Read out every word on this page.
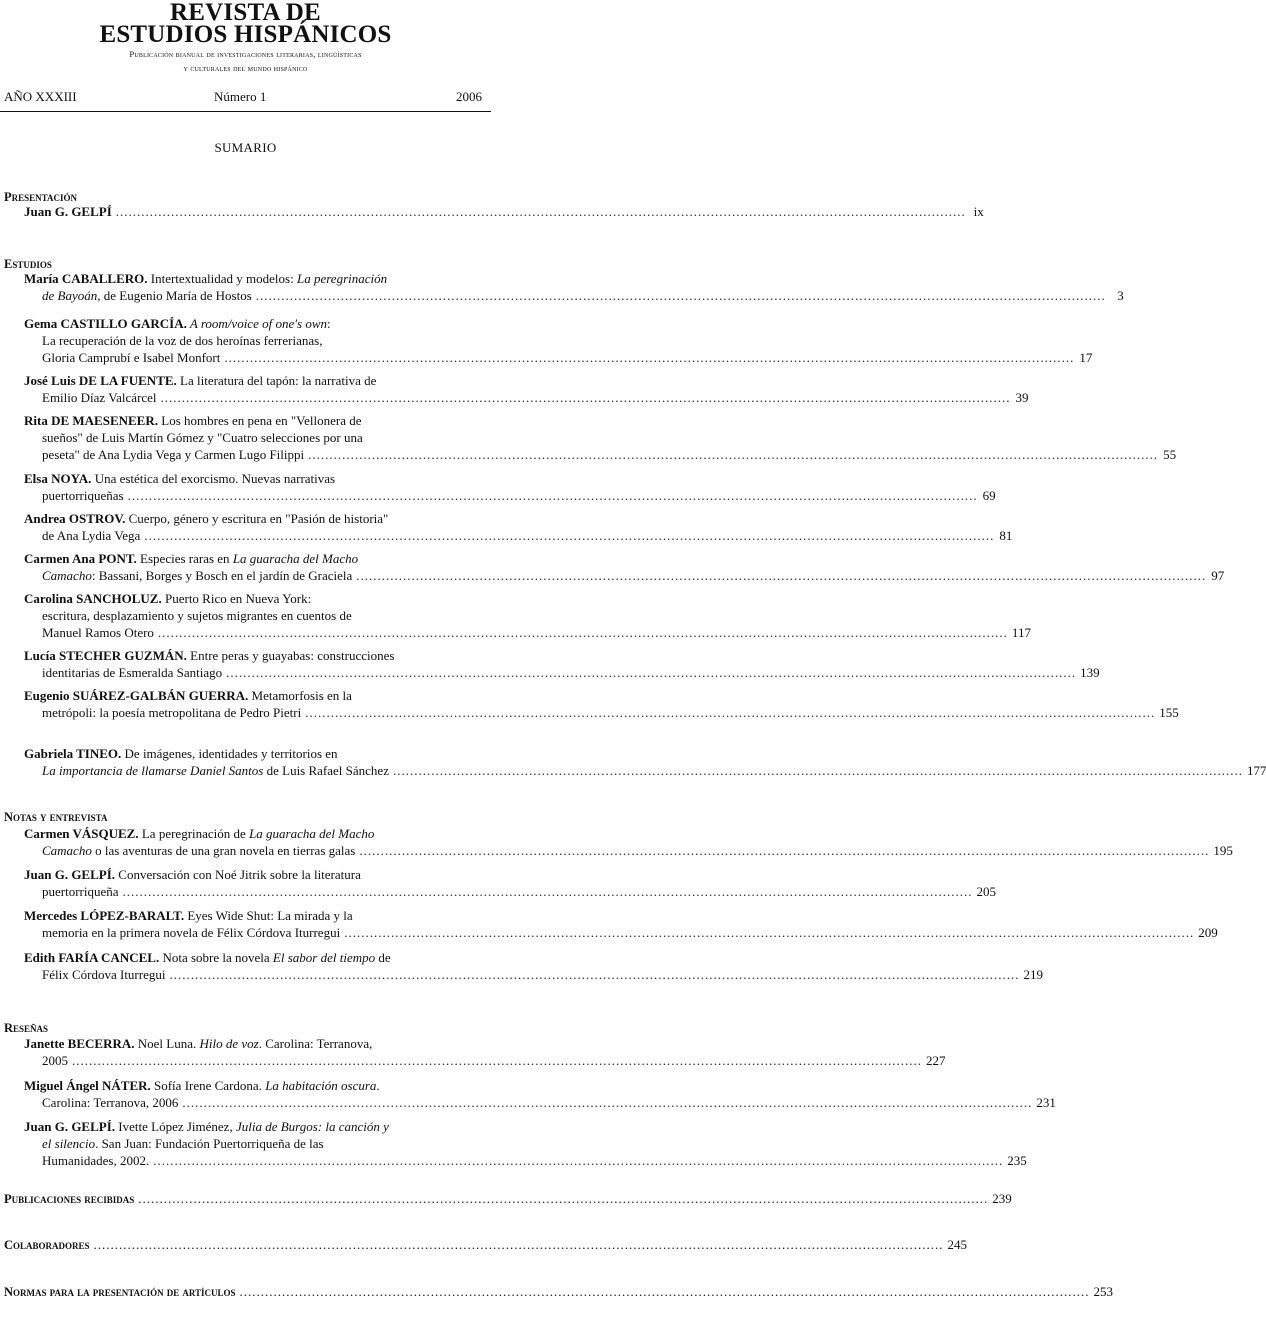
REVISTA DE
ESTUDIOS HISPÁNICOS
Publicación bianual de investigaciones literarias, lingüísticas
y culturales del mundo hispánico
AÑO XXXIII	Número 1	2006
SUMARIO
Presentación
Juan G. GELPÍ ........................................................................................................................................................................................................ ix
Estudios
María CABALLERO. Intertextualidad y modelos: La peregrinación
de Bayoán, de Eugenio María de Hostos ........................................................................................................................................................................................................ 3
Gema CASTILLO GARCÍA. A room/voice of one's own:
La recuperación de la voz de dos heroínas ferrerianas,
Gloria Camprubí e Isabel Monfort ........................................................................................................................................................................................................ 17
José Luis DE LA FUENTE. La literatura del tapón: la narrativa de
Emilio Díaz Valcárcel ........................................................................................................................................................................................................ 39
Rita DE MAESENEER. Los hombres en pena en "Vellonera de
sueños" de Luis Martín Gómez y "Cuatro selecciones por una
peseta" de Ana Lydia Vega y Carmen Lugo Filippi ........................................................................................................................................................................................................ 55
Elsa NOYA. Una estética del exorcismo. Nuevas narrativas
puertorriqueñas ........................................................................................................................................................................................................ 69
Andrea OSTROV. Cuerpo, género y escritura en "Pasión de historia"
de Ana Lydia Vega ........................................................................................................................................................................................................ 81
Carmen Ana PONT. Especies raras en La guaracha del Macho
Camacho: Bassani, Borges y Bosch en el jardín de Graciela ........................................................................................................................................................................................................ 97
Carolina SANCHOLUZ. Puerto Rico en Nueva York:
escritura, desplazamiento y sujetos migrantes en cuentos de
Manuel Ramos Otero ........................................................................................................................................................................................................ 117
Lucía STECHER GUZMÁN. Entre peras y guayabas: construcciones
identitarias de Esmeralda Santiago ........................................................................................................................................................................................................ 139
Eugenio SUÁREZ-GALBÁN GUERRA. Metamorfosis en la
metrópoli: la poesía metropolitana de Pedro Pietri ........................................................................................................................................................................................................ 155
Gabriela TINEO. De imágenes, identidades y territorios en
La importancia de llamarse Daniel Santos de Luis Rafael Sánchez ........................................................................................................................................................................................................ 177
Notas y entrevista
Carmen VÁSQUEZ. La peregrinación de La guaracha del Macho
Camacho o las aventuras de una gran novela en tierras galas ........................................................................................................................................................................................................ 195
Juan G. GELPÍ. Conversación con Noé Jitrik sobre la literatura
puertorriqueña ........................................................................................................................................................................................................ 205
Mercedes LÓPEZ-BARALT. Eyes Wide Shut: La mirada y la
memoria en la primera novela de Félix Córdova Iturregui ........................................................................................................................................................................................................ 209
Edith FARÍA CANCEL. Nota sobre la novela El sabor del tiempo de
Félix Córdova Iturregui ........................................................................................................................................................................................................ 219
Reseñas
Janette BECERRA. Noel Luna. Hilo de voz. Carolina: Terranova,
2005 ........................................................................................................................................................................................................ 227
Miguel Ángel NÁTER. Sofía Irene Cardona. La habitación oscura.
Carolina: Terranova, 2006 ........................................................................................................................................................................................................ 231
Juan G. GELPÍ. Ivette López Jiménez, Julia de Burgos: la canción y
el silencio. San Juan: Fundación Puertorriqueña de las
Humanidades, 2002. ........................................................................................................................................................................................................ 235
Publicaciones recibidas ........................................................................................................................................................................................................ 239
Colaboradores ........................................................................................................................................................................................................ 245
Normas para la presentación de artículos ........................................................................................................................................................................................................ 253
